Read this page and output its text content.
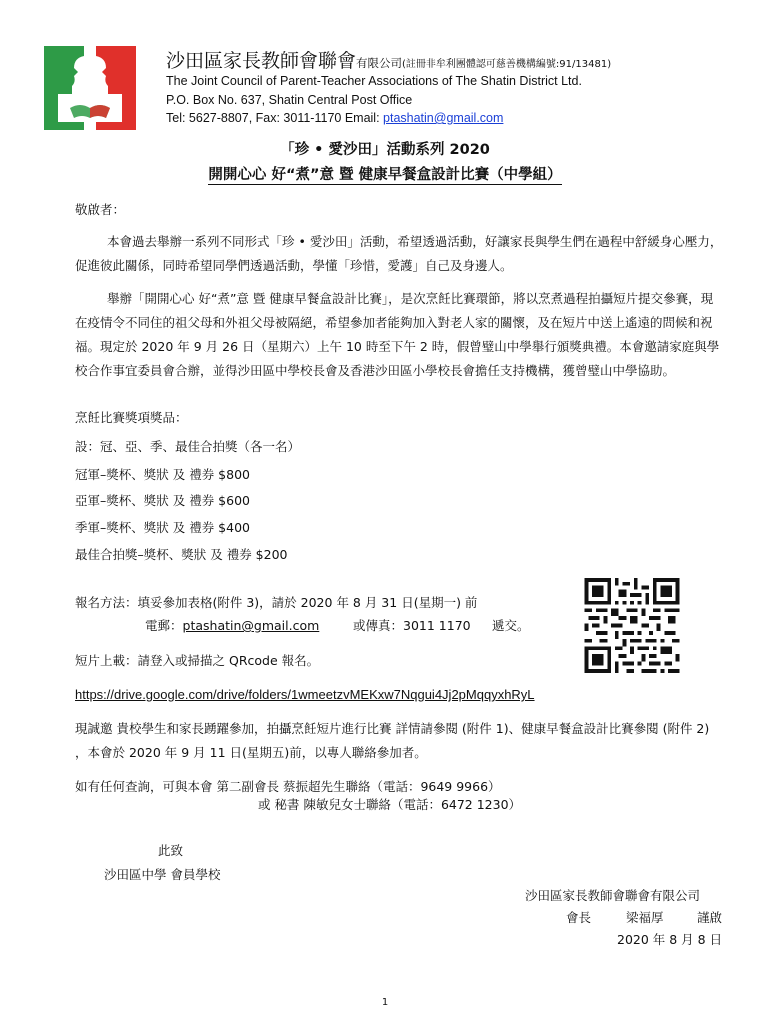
沙田區家長教師會聯會有限公司(註冊非牟利團體認可慈善機構編號:91/13481)
The Joint Council of Parent-Teacher Associations of The Shatin District Ltd.
P.O. Box No. 637, Shatin Central Post Office
Tel: 5627-8807, Fax: 3011-1170 Email: ptashatin@gmail.com
「珍 • 愛沙田」活動系列 2020
開開心心 好“煮”意 暨 健康早餐盒設計比賽（中學組）
敬啟者：
本會過去舉辦一系列不同形式「珍 • 愛沙田」活動，希望透過活動，好讓家長與學生們在過程中舒緩身心壓力，促進彼此關係，同時希望同學們透過活動，學懂「珍惜，愛護」自己及身邊人。
舉辦「開開心心 好“煮”意 暨 健康早餐盒設計比賽」，是次烹飪比賽環節，將以烹煮過程拍攝短片提交參賽，現在疫情令不同住的祖父母和外祖父母被隔絕，希望參加者能夠加入對老人家的關懷，及在短片中送上遙遠的問候和祝福。現定於 2020 年 9 月 26 日（星期六）上午 10 時至下午 2 時，假曾璧山中學舉行頒獎典禮。本會邀請家庭與學校合作事宜委員會合辦，並得沙田區中學校長會及香港沙田區小學校長會擔任支持機構，獲曾璧山中學協助。
烹飪比賽獎項獎品：
設：冠、亞、季、最佳合拍獎（各一名）
冠軍–獎杯、獎狀 及 禮券 $800
亞軍–獎杯、獎狀 及 禮券 $600
季軍–獎杯、獎狀 及 禮券 $400
最佳合拍獎–獎杯、獎狀 及 禮券 $200
報名方法：填妥參加表格(附件 3)，請於 2020 年 8 月 31 日(星期一) 前
電郵：ptashatin@gmail.com	或傳真：3011 1170 遞交。
短片上載：請登入或掃描之 QRcode 報名。
https://drive.google.com/drive/folders/1wmeetzvMEKxw7Nqgui4Jj2pMqqyxhRyL
現誠邀 貴校學生和家長踴躍參加，拍攝烹飪短片進行比賽 詳情請參閱 (附件 1)、健康早餐盒設計比賽參閱 (附件 2) ，本會於 2020 年 9 月 11 日(星期五)前，以專人聯絡參加者。
如有任何查詢，可與本會 第二副會長 蔡振超先生聯絡（電話：9649 9966）
或 秘書 陳敏兒女士聯絡（電話：6472 1230）
此致
沙田區中學 會員學校
沙田區家長教師會聯會有限公司
會長	梁福厚	謹啟
2020 年 8 月 8 日
1
